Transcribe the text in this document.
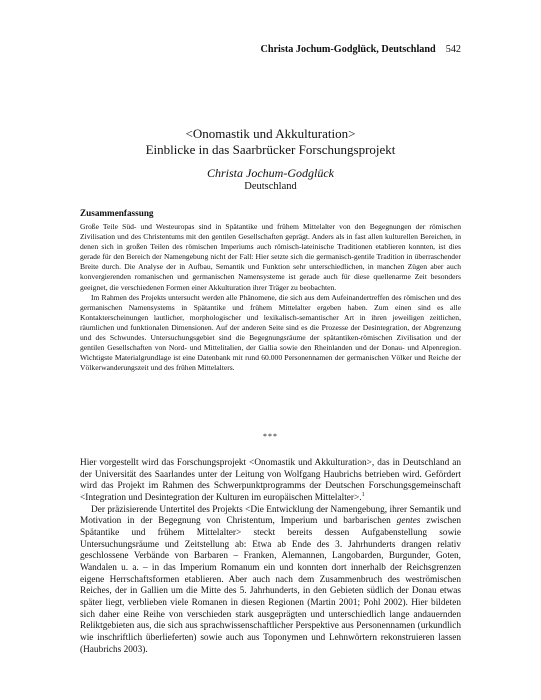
Christa Jochum-Godglück, Deutschland 542
<Onomastik und Akkulturation>
Einblicke in das Saarbrücker Forschungsprojekt
Christa Jochum-Godglück
Deutschland
Zusammenfassung

Große Teile Süd- und Westeuropas sind in Spätantike und frühem Mittelalter von den Begegnungen der römischen Zivilisation und des Christentums mit den gentilen Gesellschaften geprägt. Anders als in fast allen kulturellen Bereichen, in denen sich in großen Teilen des römischen Imperiums auch römisch-lateinische Traditionen etablieren konnten, ist dies gerade für den Bereich der Namengebung nicht der Fall: Hier setzte sich die germanisch-gentile Tradition in überraschender Breite durch. Die Analyse der in Aufbau, Semantik und Funktion sehr unterschiedlichen, in manchen Zügen aber auch konvergierenden romanischen und germanischen Namensysteme ist gerade auch für diese quellenarme Zeit besonders geeignet, die verschiedenen Formen einer Akkulturation ihrer Träger zu beobachten.

Im Rahmen des Projekts untersucht werden alle Phänomene, die sich aus dem Aufeinandertreffen des römischen und des germanischen Namensystems in Spätantike und frühem Mittelalter ergeben haben. Zum einen sind es alle Kontakterscheinungen lautlicher, morphologischer und lexikalisch-semantischer Art in ihren jeweiligen zeitlichen, räumlichen und funktionalen Dimensionen. Auf der anderen Seite sind es die Prozesse der Desintegration, der Abgrenzung und des Schwundes. Untersuchungsgebiet sind die Begegnungsräume der spätantiken-römischen Zivilisation und der gentilen Gesellschaften von Nord- und Mittelitalien, der Gallia sowie den Rheinlanden und der Donau- und Alpenregion. Wichtigste Materialgrundlage ist eine Datenbank mit rund 60.000 Personennamen der germanischen Völker und Reiche der Völkerwanderungszeit und des frühen Mittelalters.

***

Hier vorgestellt wird das Forschungsprojekt <Onomastik und Akkulturation>, das in Deutschland an der Universität des Saarlandes unter der Leitung von Wolfgang Haubrichs betrieben wird. Gefördert wird das Projekt im Rahmen des Schwerpunktprogramms der Deutschen Forschungsgemeinschaft <Integration und Desintegration der Kulturen im europäischen Mittelalter>.$^1$

Der präzisierende Untertitel des Projekts <Die Entwicklung der Namengebung, ihrer Semantik und Motivation in der Begegnung von Christentum, Imperium und barbarischen gentes zwischen Spätantike und frühem Mittelalter> steckt bereits dessen Aufgabenstellung sowie Untersuchungsräume und Zeitstellung ab: Etwa ab Ende des 3. Jahrhunderts drangen relativ geschlossene Verbände von Barbaren – Franken, Alemannen, Langobarden, Burgunder, Goten, Wandalen u. a. – in das Imperium Romanum ein und konnten dort innerhalb der Reichsgrenzen eigene Herrschaftsformen etablieren. Aber auch nach dem Zusammenbruch des weströmischen Reiches, der in Gallien um die Mitte des 5. Jahrhunderts, in den Gebieten südlich der Donau etwas später liegt, verblieben viele Romanen in diesen Regionen (Martin 2001; Pohl 2002). Hier bildeten sich daher eine Reihe von verschieden stark ausgeprägten und unterschiedlich lange andauernden Reliktgebieten aus, die sich aus sprachwissenschaftlicher Perspektive aus Personennamen (urkundlich wie inschriftlich überlieferten) sowie auch aus Toponymen und Lehnwörtern rekonstruieren lassen (Haubrichs 2003).
